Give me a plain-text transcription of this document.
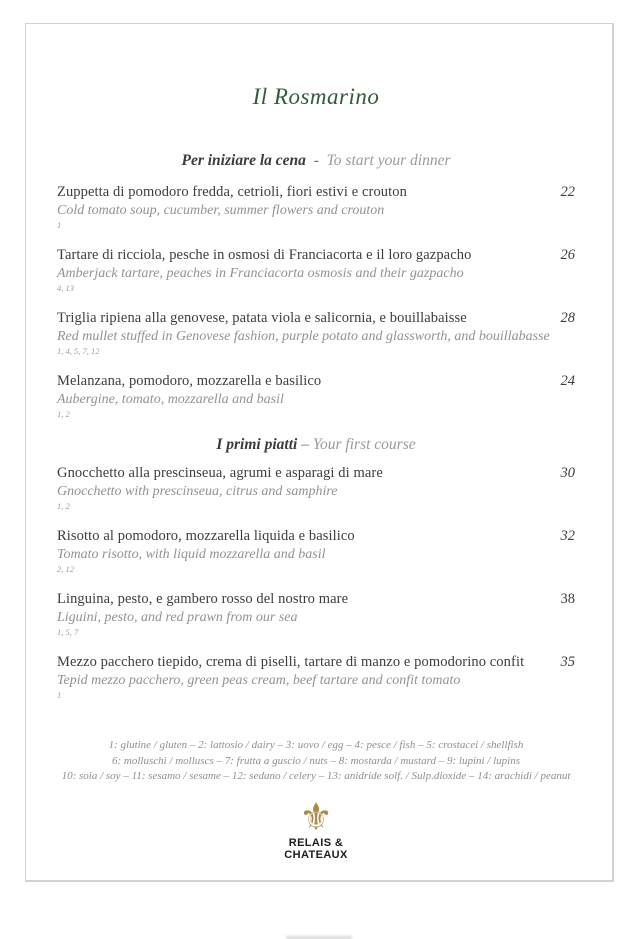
Il Rosmarino
Per iniziare la cena  -  To start your dinner
Zuppetta di pomodoro fredda, cetrioli, fiori estivi e crouton	22
Cold tomato soup, cucumber, summer flowers and crouton
1
Tartare di ricciola, pesche in osmosi di Franciacorta e il loro gazpacho	26
Amberjack tartare, peaches in Franciacorta osmosis and their gazpacho
4, 13
Triglia ripiena alla genovese, patata viola e salicornia, e bouillabaisse	28
Red mullet stuffed in Genovese fashion, purple potato and glassworth, and bouillabasse
1, 4, 5, 7, 12
Melanzana, pomodoro, mozzarella e basilico	24
Aubergine, tomato, mozzarella and basil
1, 2
I primi piatti – Your first course
Gnocchetto alla prescinseua, agrumi e asparagi di mare	30
Gnocchetto with prescinseua, citrus and samphire
1, 2
Risotto al pomodoro, mozzarella liquida e basilico	32
Tomato risotto, with liquid mozzarella and basil
2, 12
Linguina, pesto, e gambero rosso del nostro mare	38
Liguini, pesto, and red prawn from our sea
1, 5, 7
Mezzo pacchero tiepido, crema di piselli, tartare di manzo e pomodorino confit	35
Tepid mezzo pacchero, green peas cream, beef tartare and confit tomato
1
1: glutine / gluten – 2: lattosio / dairy – 3: uovo / egg – 4: pesce / fish – 5: crostacei / shellfish
6: molluschi / molluscs – 7: frutta a guscio / nuts – 8: mostarda / mustard – 9: lupini / lupins
10: soia / soy – 11: sesamo / sesame – 12: sedano / celery – 13: anidride solf. / Sulp.dioxide – 14: arachidi / peanut
⚜
RELAIS &
CHATEAUX
